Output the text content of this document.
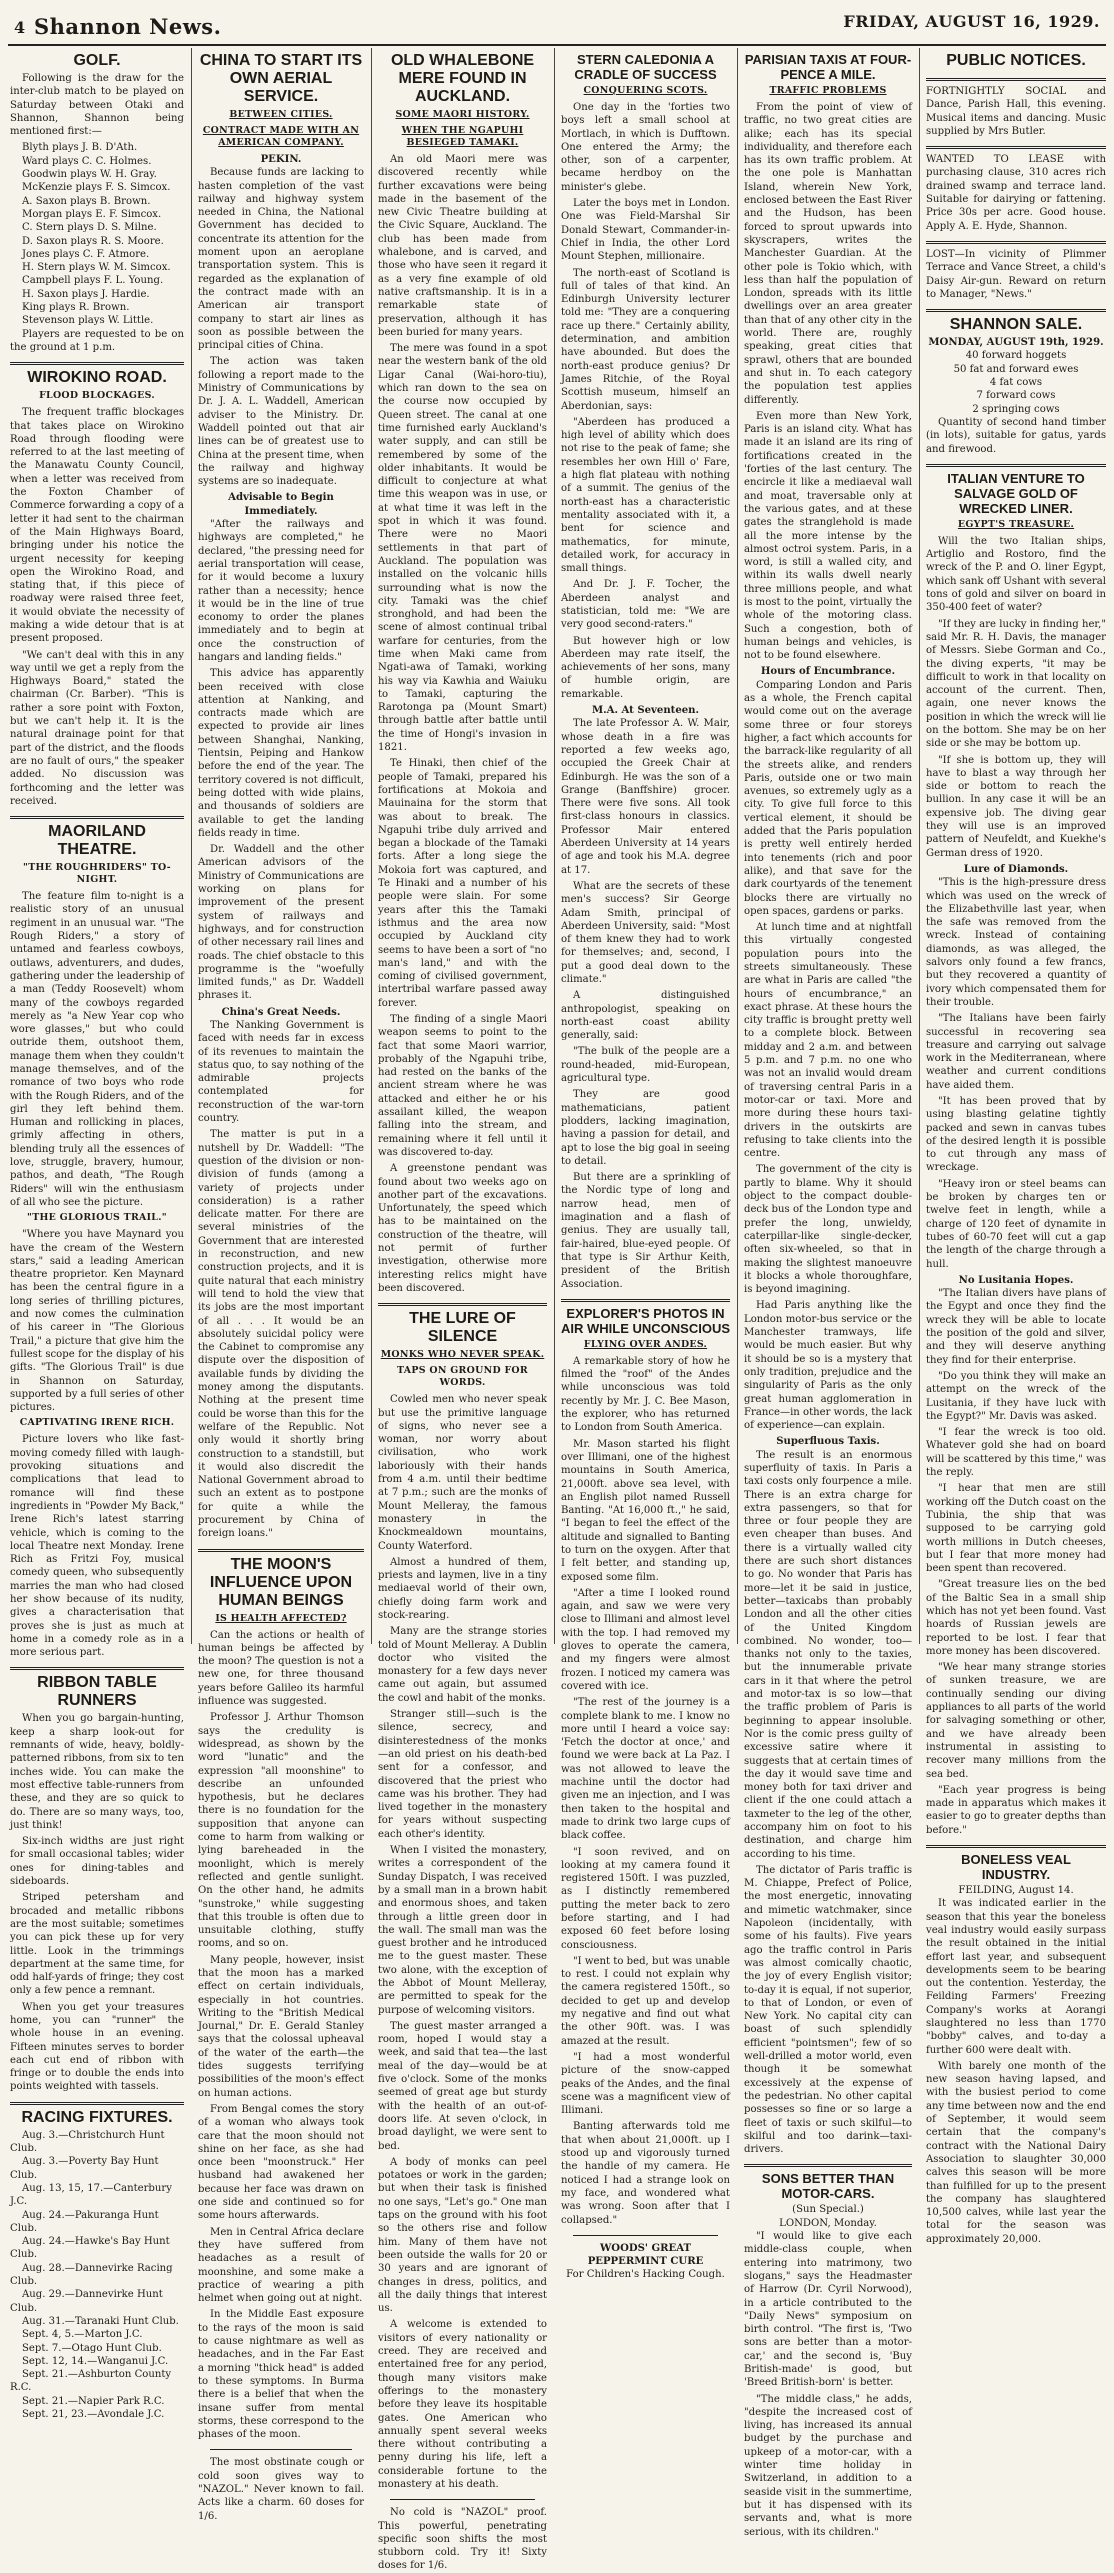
4 Shannon News.	FRIDAY, AUGUST 16, 1929.
GOLF.

Following is the draw for the inter-club match to be played on Saturday between Otaki and Shannon, Shannon being mentioned first:—

Blyth plays J. B. D'Ath.
Ward plays C. C. Holmes.
Goodwin plays W. H. Gray.
McKenzie plays F. S. Simcox.
A. Saxon plays B. Brown.
Morgan plays E. F. Simcox.
C. Stern plays D. S. Milne.
D. Saxon plays R. S. Moore.
Jones plays C. F. Atmore.
H. Stern plays W. M. Simcox.
Campbell plays F. L. Young.
H. Saxon plays J. Hardie.
King plays R. Brown.
Stevenson plays W. Little.

Players are requested to be on the ground at 1 p.m.

WIROKINO ROAD.
FLOOD BLOCKAGES.

The frequent traffic blockages that takes place on Wirokino Road through flooding were referred to at the last meeting of the Manawatu County Council, when a letter was received from the Foxton Chamber of Commerce forwarding a copy of a letter it had sent to the chairman of the Main Highways Board, bringing under his notice the urgent necessity for keeping open the Wirokino Road, and stating that, if this piece of roadway were raised three feet, it would obviate the necessity of making a wide detour that is at present proposed.

"We can't deal with this in any way until we get a reply from the Highways Board," stated the chairman (Cr. Barber). "This is rather a sore point with Foxton, but we can't help it. It is the natural drainage point for that part of the district, and the floods are no fault of ours," the speaker added. No discussion was forthcoming and the letter was received.

MAORILAND THEATRE.
"THE ROUGHRIDERS" TO-NIGHT.

The feature film to-night is a realistic story of an unusual regiment in an unusual war. "The Rough Riders," a story of untamed and fearless cowboys, outlaws, adventurers, and dudes, gathering under the leadership of a man (Teddy Roosevelt) whom many of the cowboys regarded merely as "a New Year cop who wore glasses," but who could outride them, outshoot them, manage them when they couldn't manage themselves, and of the romance of two boys who rode with the Rough Riders, and of the girl they left behind them. Human and rollicking in places, grimly affecting in others, blending truly all the essences of love, struggle, bravery, humour, pathos, and death, "The Rough Riders" will win the enthusiasm of all who see the picture.

"THE GLORIOUS TRAIL."

"Where you have Maynard you have the cream of the Western stars," said a leading American theatre proprietor. Ken Maynard has been the central figure in a long series of thrilling pictures, and now comes the culmination of his career in "The Glorious Trail," a picture that give him the fullest scope for the display of his gifts. "The Glorious Trail" is due in Shannon on Saturday, supported by a full series of other pictures.

CAPTIVATING IRENE RICH.

Picture lovers who like fast-moving comedy filled with laugh-provoking situations and complications that lead to romance will find these ingredients in "Powder My Back," Irene Rich's latest starring vehicle, which is coming to the local Theatre next Monday. Irene Rich as Fritzi Foy, musical comedy queen, who subsequently marries the man who had closed her show because of its nudity, gives a characterisation that proves she is just as much at home in a comedy role as in a more serious part.

RIBBON TABLE RUNNERS

When you go bargain-hunting, keep a sharp look-out for remnants of wide, heavy, boldly-patterned ribbons, from six to ten inches wide. You can make the most effective table-runners from these, and they are so quick to do. There are so many ways, too, just think!

Six-inch widths are just right for small occasional tables; wider ones for dining-tables and sideboards.

Striped petersham and brocaded and metallic ribbons are the most suitable; sometimes you can pick these up for very little. Look in the trimmings department at the same time, for odd half-yards of fringe; they cost only a few pence a remnant.

When you get your treasures home, you can "runner" the whole house in an evening. Fifteen minutes serves to border each cut end of ribbon with fringe or to double the ends into points weighted with tassels.

RACING FIXTURES.
Aug. 3.—Christchurch Hunt Club.
Aug. 3.—Poverty Bay Hunt Club.
Aug. 13, 15, 17.—Canterbury J.C.
Aug. 24.—Pakuranga Hunt Club.
Aug. 24.—Hawke's Bay Hunt Club.
Aug. 28.—Dannevirke Racing Club.
Aug. 29.—Dannevirke Hunt Club.
Aug. 31.—Taranaki Hunt Club.
Sept. 4, 5.—Marton J.C.
Sept. 7.—Otago Hunt Club.
Sept. 12, 14.—Wanganui J.C.
Sept. 21.—Ashburton County R.C.
Sept. 21.—Napier Park R.C.
Sept. 21, 23.—Avondale J.C.
CHINA TO START ITS OWN AERIAL SERVICE.
BETWEEN CITIES.
CONTRACT MADE WITH AN AMERICAN COMPANY.
PEKIN.

Because funds are lacking to hasten completion of the vast railway and highway system needed in China, the National Government has decided to concentrate its attention for the moment upon an aeroplane transportation system. This is regarded as the explanation of the contract made with an American air transport company to start air lines as soon as possible between the principal cities of China.

The action was taken following a report made to the Ministry of Communications by Dr. J. A. L. Waddell, American adviser to the Ministry. Dr. Waddell pointed out that air lines can be of greatest use to China at the present time, when the railway and highway systems are so inadequate.

Advisable to Begin Immediately.

"After the railways and highways are completed," he declared, "the pressing need for aerial transportation will cease, for it would become a luxury rather than a necessity; hence it would be in the line of true economy to order the planes immediately and to begin at once the construction of hangars and landing fields."

This advice has apparently been received with close attention at Nanking, and contracts made which are expected to provide air lines between Shanghai, Nanking, Tientsin, Peiping and Hankow before the end of the year. The territory covered is not difficult, being dotted with wide plains, and thousands of soldiers are available to get the landing fields ready in time.

Dr. Waddell and the other American advisors of the Ministry of Communications are working on plans for improvement of the present system of railways and highways, and for construction of other necessary rail lines and roads. The chief obstacle to this programme is the "woefully limited funds," as Dr. Waddell phrases it.

China's Great Needs.

The Nanking Government is faced with needs far in excess of its revenues to maintain the status quo, to say nothing of the admirable projects contemplated for reconstruction of the war-torn country.

The matter is put in a nutshell by Dr. Waddell: "The question of the division or non-division of funds (among a variety of projects under consideration) is a rather delicate matter. For there are several ministries of the Government that are interested in reconstruction, and new construction projects, and it is quite natural that each ministry will tend to hold the view that its jobs are the most important of all . . . It would be an absolutely suicidal policy were the Cabinet to compromise any dispute over the disposition of available funds by dividing the money among the disputants. Nothing at the present time could be worse than this for the welfare of the Republic. Not only would it shortly bring construction to a standstill, but it would also discredit the National Government abroad to such an extent as to postpone for quite a while the procurement by China of foreign loans."

THE MOON'S INFLUENCE UPON HUMAN BEINGS
IS HEALTH AFFECTED?

Can the actions or health of human beings be affected by the moon? The question is not a new one, for three thousand years before Galileo its harmful influence was suggested.

Professor J. Arthur Thomson says the credulity is widespread, as shown by the word "lunatic" and the expression "all moonshine" to describe an unfounded hypothesis, but he declares there is no foundation for the supposition that anyone can come to harm from walking or lying bareheaded in the moonlight, which is merely reflected and gentle sunlight. On the other hand, he admits "sunstroke," while suggesting that this trouble is often due to unsuitable clothing, stuffy rooms, and so on.

Many people, however, insist that the moon has a marked effect on certain individuals, especially in hot countries. Writing to the "British Medical Journal," Dr. E. Gerald Stanley says that the colossal upheaval of the water of the earth—the tides suggests terrifying possibilities of the moon's effect on human actions.

From Bengal comes the story of a woman who always took care that the moon should not shine on her face, as she had once been "moonstruck." Her husband had awakened her because her face was drawn on one side and continued so for some hours afterwards.

Men in Central Africa declare they have suffered from headaches as a result of moonshine, and some make a practice of wearing a pith helmet when going out at night.

In the Middle East exposure to the rays of the moon is said to cause nightmare as well as headaches, and in the Far East a morning "thick head" is added to these symptoms. In Burma there is a belief that when the insane suffer from mental storms, these correspond to the phases of the moon.

The most obstinate cough or cold soon gives way to "NAZOL." Never known to fail. Acts like a charm. 60 doses for 1/6.

OLD WHALEBONE MERE FOUND IN AUCKLAND.
SOME MAORI HISTORY.
WHEN THE NGAPUHI BESIEGED TAMAKI.

An old Maori mere was discovered recently while further excavations were being made in the basement of the new Civic Theatre building at the Civic Square, Auckland. The club has been made from whalebone, and is carved, and those who have seen it regard it as a very fine example of old native craftsmanship. It is in a remarkable state of preservation, although it has been buried for many years.

The mere was found in a spot near the western bank of the old Ligar Canal (Wai-horo-tiu), which ran down to the sea on the course now occupied by Queen street. The canal at one time furnished early Auckland's water supply, and can still be remembered by some of the older inhabitants. It would be difficult to conjecture at what time this weapon was in use, or at what time it was left in the spot in which it was found. There were no Maori settlements in that part of Auckland. The population was installed on the volcanic hills surrounding what is now the city. Tamaki was the chief stronghold, and had been the scene of almost continual tribal warfare for centuries, from the time when Maki came from Ngati-awa of Tamaki, working his way via Kawhia and Waiuku to Tamaki, capturing the Rarotonga pa (Mount Smart) through battle after battle until the time of Hongi's invasion in 1821.

Te Hinaki, then chief of the people of Tamaki, prepared his fortifications at Mokoia and Mauinaina for the storm that was about to break. The Ngapuhi tribe duly arrived and began a blockade of the Tamaki forts. After a long siege the Mokoia fort was captured, and Te Hinaki and a number of his people were slain. For some years after this the Tamaki isthmus and the area now occupied by Auckland city seems to have been a sort of "no man's land," and with the coming of civilised government, intertribal warfare passed away forever.

The finding of a single Maori weapon seems to point to the fact that some Maori warrior, probably of the Ngapuhi tribe, had rested on the banks of the ancient stream where he was attacked and either he or his assailant killed, the weapon falling into the stream, and remaining where it fell until it was discovered to-day.

A greenstone pendant was found about two weeks ago on another part of the excavations. Unfortunately, the speed which has to be maintained on the construction of the theatre, will not permit of further investigation, otherwise more interesting relics might have been discovered.

THE LURE OF SILENCE
MONKS WHO NEVER SPEAK.
TAPS ON GROUND FOR WORDS.

Cowled men who never speak but use the primitive language of signs, who never see a woman, nor worry about civilisation, who work laboriously with their hands from 4 a.m. until their bedtime at 7 p.m.; such are the monks of Mount Melleray, the famous monastery in the Knockmealdown mountains, County Waterford.

Almost a hundred of them, priests and laymen, live in a tiny mediaeval world of their own, chiefly doing farm work and stock-rearing.

Many are the strange stories told of Mount Melleray. A Dublin doctor who visited the monastery for a few days never came out again, but assumed the cowl and habit of the monks.

Stranger still—such is the silence, secrecy, and disinterestedness of the monks—an old priest on his death-bed sent for a confessor, and discovered that the priest who came was his brother. They had lived together in the monastery for years without suspecting each other's identity.

When I visited the monastery, writes a correspondent of the Sunday Dispatch, I was received by a small man in a brown habit and enormous shoes, and taken through a little green door in the wall. The small man was the guest brother and he introduced me to the guest master. These two alone, with the exception of the Abbot of Mount Melleray, are permitted to speak for the purpose of welcoming visitors.

The guest master arranged a room, hoped I would stay a week, and said that tea—the last meal of the day—would be at five o'clock. Some of the monks seemed of great age but sturdy with the health of an out-of-doors life. At seven o'clock, in broad daylight, we were sent to bed.

A body of monks can peel potatoes or work in the garden; but when their task is finished no one says, "Let's go." One man taps on the ground with his foot so the others rise and follow him. Many of them have not been outside the walls for 20 or 30 years and are ignorant of changes in dress, politics, and all the daily things that interest us.

A welcome is extended to visitors of every nationality or creed. They are received and entertained free for any period, though many visitors make offerings to the monastery before they leave its hospitable gates. One American who annually spent several weeks there without contributing a penny during his life, left a considerable fortune to the monastery at his death.

No cold is "NAZOL" proof. This powerful, penetrating specific soon shifts the most stubborn cold. Try it! Sixty doses for 1/6.

STERN CALEDONIA A CRADLE OF SUCCESS
CONQUERING SCOTS.

One day in the 'forties two boys left a small school at Mortlach, in which is Dufftown. One entered the Army; the other, son of a carpenter, became herdboy on the minister's glebe.

Later the boys met in London. One was Field-Marshal Sir Donald Stewart, Commander-in-Chief in India, the other Lord Mount Stephen, millionaire.

The north-east of Scotland is full of tales of that kind. An Edinburgh University lecturer told me: "They are a conquering race up there." Certainly ability, determination, and ambition have abounded. But does the north-east produce genius? Dr James Ritchie, of the Royal Scottish museum, himself an Aberdonian, says:

"Aberdeen has produced a high level of ability which does not rise to the peak of fame; she resembles her own Hill o' Fare, a high flat plateau with nothing of a summit. The genius of the north-east has a characteristic mentality associated with it, a bent for science and mathematics, for minute, detailed work, for accuracy in small things.

And Dr. J. F. Tocher, the Aberdeen analyst and statistician, told me: "We are very good second-raters."

But however high or low Aberdeen may rate itself, the achievements of her sons, many of humble origin, are remarkable.

M.A. At Seventeen.

The late Professor A. W. Mair, whose death in a fire was reported a few weeks ago, occupied the Greek Chair at Edinburgh. He was the son of a Grange (Banffshire) grocer. There were five sons. All took first-class honours in classics. Professor Mair entered Aberdeen University at 14 years of age and took his M.A. degree at 17.

What are the secrets of these men's success? Sir George Adam Smith, principal of Aberdeen University, said: "Most of them knew they had to work for themselves; and, second, I put a good deal down to the climate."

A distinguished anthropologist, speaking on north-east coast ability generally, said:

"The bulk of the people are a round-headed, mid-European, agricultural type.

They are good mathematicians, patient plodders, lacking imagination, having a passion for detail, and apt to lose the big goal in seeing to detail.

But there are a sprinkling of the Nordic type of long and narrow head, men of imagination and a flash of genius. They are usually tall, fair-haired, blue-eyed people. Of that type is Sir Arthur Keith, president of the British Association.

EXPLORER'S PHOTOS IN AIR WHILE UNCONSCIOUS
FLYING OVER ANDES.

A remarkable story of how he filmed the "roof" of the Andes while unconscious was told recently by Mr. J. C. Bee Mason, the explorer, who has returned to London from South America.

Mr. Mason started his flight over Illimani, one of the highest mountains in South America, 21,000ft. above sea level, with an English pilot named Russell Banting. "At 16,000 ft.," he said, "I began to feel the effect of the altitude and signalled to Banting to turn on the oxygen. After that I felt better, and standing up, exposed some film.

"After a time I looked round again, and saw we were very close to Illimani and almost level with the top. I had removed my gloves to operate the camera, and my fingers were almost frozen. I noticed my camera was covered with ice.

"The rest of the journey is a complete blank to me. I know no more until I heard a voice say: 'Fetch the doctor at once,' and found we were back at La Paz. I was not allowed to leave the machine until the doctor had given me an injection, and I was then taken to the hospital and made to drink two large cups of black coffee.

"I soon revived, and on looking at my camera found it registered 150ft. I was puzzled, as I distinctly remembered putting the meter back to zero before starting, and I had exposed 60 feet before losing consciousness.

"I went to bed, but was unable to rest. I could not explain why the camera registered 150ft., so decided to get up and develop my negative and find out what the other 90ft. was. I was amazed at the result.

"I had a most wonderful picture of the snow-capped peaks of the Andes, and the final scene was a magnificent view of Illimani.

Banting afterwards told me that when about 21,000ft. up I stood up and vigorously turned the handle of my camera. He noticed I had a strange look on my face, and wondered what was wrong. Soon after that I collapsed."

WOODS' GREAT PEPPERMINT CURE
For Children's Hacking Cough.
PARISIAN TAXIS AT FOUR-PENCE A MILE.
TRAFFIC PROBLEMS

From the point of view of traffic, no two great cities are alike; each has its special individuality, and therefore each has its own traffic problem. At the one pole is Manhattan Island, wherein New York, enclosed between the East River and the Hudson, has been forced to sprout upwards into skyscrapers, writes the Manchester Guardian. At the other pole is Tokio which, with less than half the population of London, spreads with its little dwellings over an area greater than that of any other city in the world. There are, roughly speaking, great cities that sprawl, others that are bounded and shut in. To each category the population test applies differently.

Even more than New York, Paris is an island city. What has made it an island are its ring of fortifications created in the 'forties of the last century. The encircle it like a mediaeval wall and moat, traversable only at the various gates, and at these gates the stranglehold is made all the more intense by the almost octroi system. Paris, in a word, is still a walled city, and within its walls dwell nearly three millions people, and what is most to the point, virtually the whole of the motoring class. Such a congestion, both of human beings and vehicles, is not to be found elsewhere.

Hours of Encumbrance.

Comparing London and Paris as a whole, the French capital would come out on the average some three or four storeys higher, a fact which accounts for the barrack-like regularity of all the streets alike, and renders Paris, outside one or two main avenues, so extremely ugly as a city. To give full force to this vertical element, it should be added that the Paris population is pretty well entirely herded into tenements (rich and poor alike), and that save for the dark courtyards of the tenement blocks there are virtually no open spaces, gardens or parks.

At lunch time and at nightfall this virtually congested population pours into the streets simultaneously. These are what in Paris are called "the hours of encumbrance," an exact phrase. At these hours the city traffic is brought pretty well to a complete block. Between midday and 2 a.m. and between 5 p.m. and 7 p.m. no one who was not an invalid would dream of traversing central Paris in a motor-car or taxi. More and more during these hours taxi-drivers in the outskirts are refusing to take clients into the centre.

The government of the city is partly to blame. Why it should object to the compact double-deck bus of the London type and prefer the long, unwieldy, caterpillar-like single-decker, often six-wheeled, so that in making the slightest manoeuvre it blocks a whole thoroughfare, is beyond imagining.

Had Paris anything like the London motor-bus service or the Manchester tramways, life would be much easier. But why it should be so is a mystery that only tradition, prejudice and the singularity of Paris as the only great human agglomeration in France—in other words, the lack of experience—can explain.

Superfluous Taxis.

The result is an enormous superfluity of taxis. In Paris a taxi costs only fourpence a mile. There is an extra charge for extra passengers, so that for three or four people they are even cheaper than buses. And there is a virtually walled city there are such short distances to go. No wonder that Paris has more—let it be said in justice, better—taxicabs than probably London and all the other cities of the United Kingdom combined. No wonder, too—thanks not only to the taxies, but the innumerable private cars in it that where the petrol and motor-tax is so low—that the traffic problem of Paris is beginning to appear insoluble. Nor is the comic press guilty of excessive satire where it suggests that at certain times of the day it would save time and money both for taxi driver and client if the one could attach a taxmeter to the leg of the other, accompany him on foot to his destination, and charge him according to his time.

The dictator of Paris traffic is M. Chiappe, Prefect of Police, the most energetic, innovating and mimetic watchmaker, since Napoleon (incidentally, with some of his faults). Five years ago the traffic control in Paris was almost comically chaotic, the joy of every English visitor; to-day it is equal, if not superior, to that of London, or even of New York. No capital city can boast of such splendidly efficient "pointsmen"; few of so well-drilled a motor world, even though it be somewhat excessively at the expense of the pedestrian. No other capital possesses so fine or so large a fleet of taxis or such skilful—to skilful and too darink—taxi-drivers.

SONS BETTER THAN MOTOR-CARS.
(Sun Special.)
LONDON, Monday.

"I would like to give each middle-class couple, when entering into matrimony, two slogans," says the Headmaster of Harrow (Dr. Cyril Norwood), in a article contributed to the "Daily News" symposium on birth control. "The first is, 'Two sons are better than a motor-car,' and the second is, 'Buy British-made' is good, but 'Breed British-born' is better.

"The middle class," he adds, "despite the increased cost of living, has increased its annual budget by the purchase and upkeep of a motor-car, with a winter time holiday in Switzerland, in addition to a seaside visit in the summertime, but it has dispensed with its servants and, what is more serious, with its children."

PUBLIC NOTICES.

FORTNIGHTLY SOCIAL and Dance, Parish Hall, this evening. Musical items and dancing. Music supplied by Mrs Butler.

WANTED TO LEASE with purchasing clause, 310 acres rich drained swamp and terrace land. Suitable for dairying or fattening. Price 30s per acre. Good house. Apply A. E. Hyde, Shannon.

LOST—In vicinity of Plimmer Terrace and Vance Street, a child's Daisy Air-gun. Reward on return to Manager, "News."

SHANNON SALE.
MONDAY, AUGUST 19th, 1929.
40 forward hoggets
50 fat and forward ewes
4 fat cows
7 forward cows
2 springing cows

Quantity of second hand timber (in lots), suitable for gatus, yards and firewood.

ITALIAN VENTURE TO SALVAGE GOLD OF WRECKED LINER.
EGYPT'S TREASURE.

Will the two Italian ships, Artiglio and Rostoro, find the wreck of the P. and O. liner Egypt, which sank off Ushant with several tons of gold and silver on board in 350-400 feet of water?

"If they are lucky in finding her," said Mr. R. H. Davis, the manager of Messrs. Siebe Gorman and Co., the diving experts, "it may be difficult to work in that locality on account of the current. Then, again, one never knows the position in which the wreck will lie on the bottom. She may be on her side or she may be bottom up.

"If she is bottom up, they will have to blast a way through her side or bottom to reach the bullion. In any case it will be an expensive job. The diving gear they will use is an improved pattern of Neufeldt, and Kuekhe's German dress of 1920.

Lure of Diamonds.

"This is the high-pressure dress which was used on the wreck of the Elizabethville last year, when the safe was removed from the wreck. Instead of containing diamonds, as was alleged, the salvors only found a few francs, but they recovered a quantity of ivory which compensated them for their trouble.

"The Italians have been fairly successful in recovering sea treasure and carrying out salvage work in the Mediterranean, where weather and current conditions have aided them.

"It has been proved that by using blasting gelatine tightly packed and sewn in canvas tubes of the desired length it is possible to cut through any mass of wreckage.

"Heavy iron or steel beams can be broken by charges ten or twelve feet in length, while a charge of 120 feet of dynamite in tubes of 60-70 feet will cut a gap the length of the charge through a hull.

No Lusitania Hopes.

"The Italian divers have plans of the Egypt and once they find the wreck they will be able to locate the position of the gold and silver, and they will deserve anything they find for their enterprise.

"Do you think they will make an attempt on the wreck of the Lusitania, if they have luck with the Egypt?" Mr. Davis was asked.

"I fear the wreck is too old. Whatever gold she had on board will be scattered by this time," was the reply.

"I hear that men are still working off the Dutch coast on the Tubinia, the ship that was supposed to be carrying gold worth millions in Dutch cheeses, but I fear that more money had been spent than recovered.

"Great treasure lies on the bed of the Baltic Sea in a small ship which has not yet been found. Vast hoards of Russian jewels are reported to be lost. I fear that more money has been discovered.

"We hear many strange stories of sunken treasure, we are continually sending our diving appliances to all parts of the world for salvaging something or other, and we have already been instrumental in assisting to recover many millions from the sea bed.

"Each year progress is being made in apparatus which makes it easier to go to greater depths than before."

BONELESS VEAL INDUSTRY.
FEILDING, August 14.

It was indicated earlier in the season that this year the boneless veal industry would easily surpass the result obtained in the initial effort last year, and subsequent developments seem to be bearing out the contention. Yesterday, the Feilding Farmers' Freezing Company's works at Aorangi slaughtered no less than 1770 "bobby" calves, and to-day a further 600 were dealt with.

With barely one month of the new season having lapsed, and with the busiest period to come any time between now and the end of September, it would seem certain that the company's contract with the National Dairy Association to slaughter 30,000 calves this season will be more than fulfilled for up to the present the company has slaughtered 10,500 calves, while last year the total for the season was approximately 20,000.
